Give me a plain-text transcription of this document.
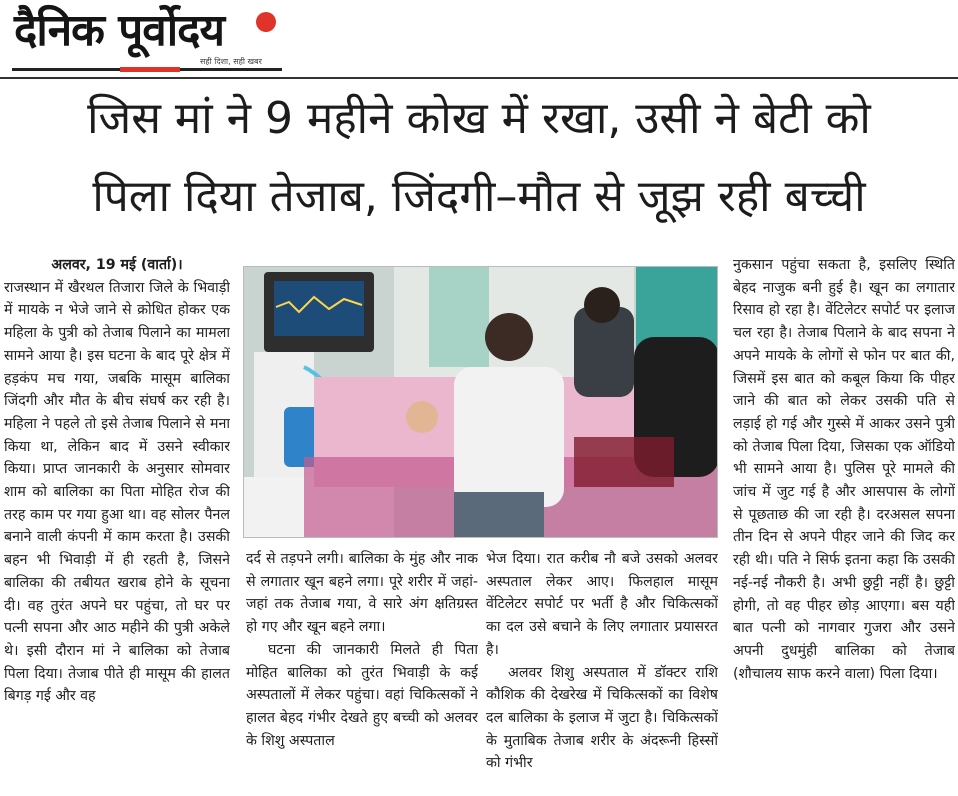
दैनिक पूर्वोदय
सही दिशा, सही खबर
जिस मां ने 9 महीने कोख में रखा, उसी ने बेटी को
पिला दिया तेजाब, जिंदगी–मौत से जूझ रही बच्ची

अलवर, 19 मई (वार्ता)।

राजस्थान में खैरथल तिजारा जिले के भिवाड़ी में मायके न भेजे जाने से क्रोधित होकर एक महिला के पुत्री को तेजाब पिलाने का मामला सामने आया है। इस घटना के बाद पूरे क्षेत्र में हड़कंप मच गया, जबकि मासूम बालिका जिंदगी और मौत के बीच संघर्ष कर रही है। महिला ने पहले तो इसे तेजाब पिलाने से मना किया था, लेकिन बाद में उसने स्वीकार किया। प्राप्त जानकारी के अनुसार सोमवार शाम को बालिका का पिता मोहित रोज की तरह काम पर गया हुआ था। वह सोलर पैनल बनाने वाली कंपनी में काम करता है। उसकी बहन भी भिवाड़ी में ही रहती है, जिसने बालिका की तबीयत खराब होने के सूचना दी। वह तुरंत अपने घर पहुंचा, तो घर पर पत्नी सपना और आठ महीने की पुत्री अकेले थे। इसी दौरान मां ने बालिका को तेजाब पिला दिया। तेजाब पीते ही मासूम की हालत बिगड़ गई और वह

दर्द से तड़पने लगी। बालिका के मुंह और नाक से लगातार खून बहने लगा। पूरे शरीर में जहां-जहां तक तेजाब गया, वे सारे अंग क्षतिग्रस्त हो गए और खून बहने लगा।

घटना की जानकारी मिलते ही पिता मोहित बालिका को तुरंत भिवाड़ी के कई अस्पतालों में लेकर पहुंचा। वहां चिकित्सकों ने हालत बेहद गंभीर देखते हुए बच्ची को अलवर के शिशु अस्पताल

भेज दिया। रात करीब नौ बजे उसको अलवर अस्पताल लेकर आए। फिलहाल मासूम वेंटिलेटर सपोर्ट पर भर्ती है और चिकित्सकों का दल उसे बचाने के लिए लगातार प्रयासरत है।

अलवर शिशु अस्पताल में डॉक्टर राशि कौशिक की देखरेख में चिकित्सकों का विशेष दल बालिका के इलाज में जुटा है। चिकित्सकों के मुताबिक तेजाब शरीर के अंदरूनी हिस्सों को गंभीर

नुकसान पहुंचा सकता है, इसलिए स्थिति बेहद नाजुक बनी हुई है। खून का लगातार रिसाव हो रहा है। वेंटिलेटर सपोर्ट पर इलाज चल रहा है। तेजाब पिलाने के बाद सपना ने अपने मायके के लोगों से फोन पर बात की, जिसमें इस बात को कबूल किया कि पीहर जाने की बात को लेकर उसकी पति से लड़ाई हो गई और गुस्से में आकर उसने पुत्री को तेजाब पिला दिया, जिसका एक ऑडियो भी सामने आया है। पुलिस पूरे मामले की जांच में जुट गई है और आसपास के लोगों से पूछताछ की जा रही है। दरअसल सपना तीन दिन से अपने पीहर जाने की जिद कर रही थी। पति ने सिर्फ इतना कहा कि उसकी नई-नई नौकरी है। अभी छुट्टी नहीं है। छुट्टी होगी, तो वह पीहर छोड़ आएगा। बस यही बात पत्नी को नागवार गुजरा और उसने अपनी दुधमुंही बालिका को तेजाब (शौचालय साफ करने वाला) पिला दिया।
